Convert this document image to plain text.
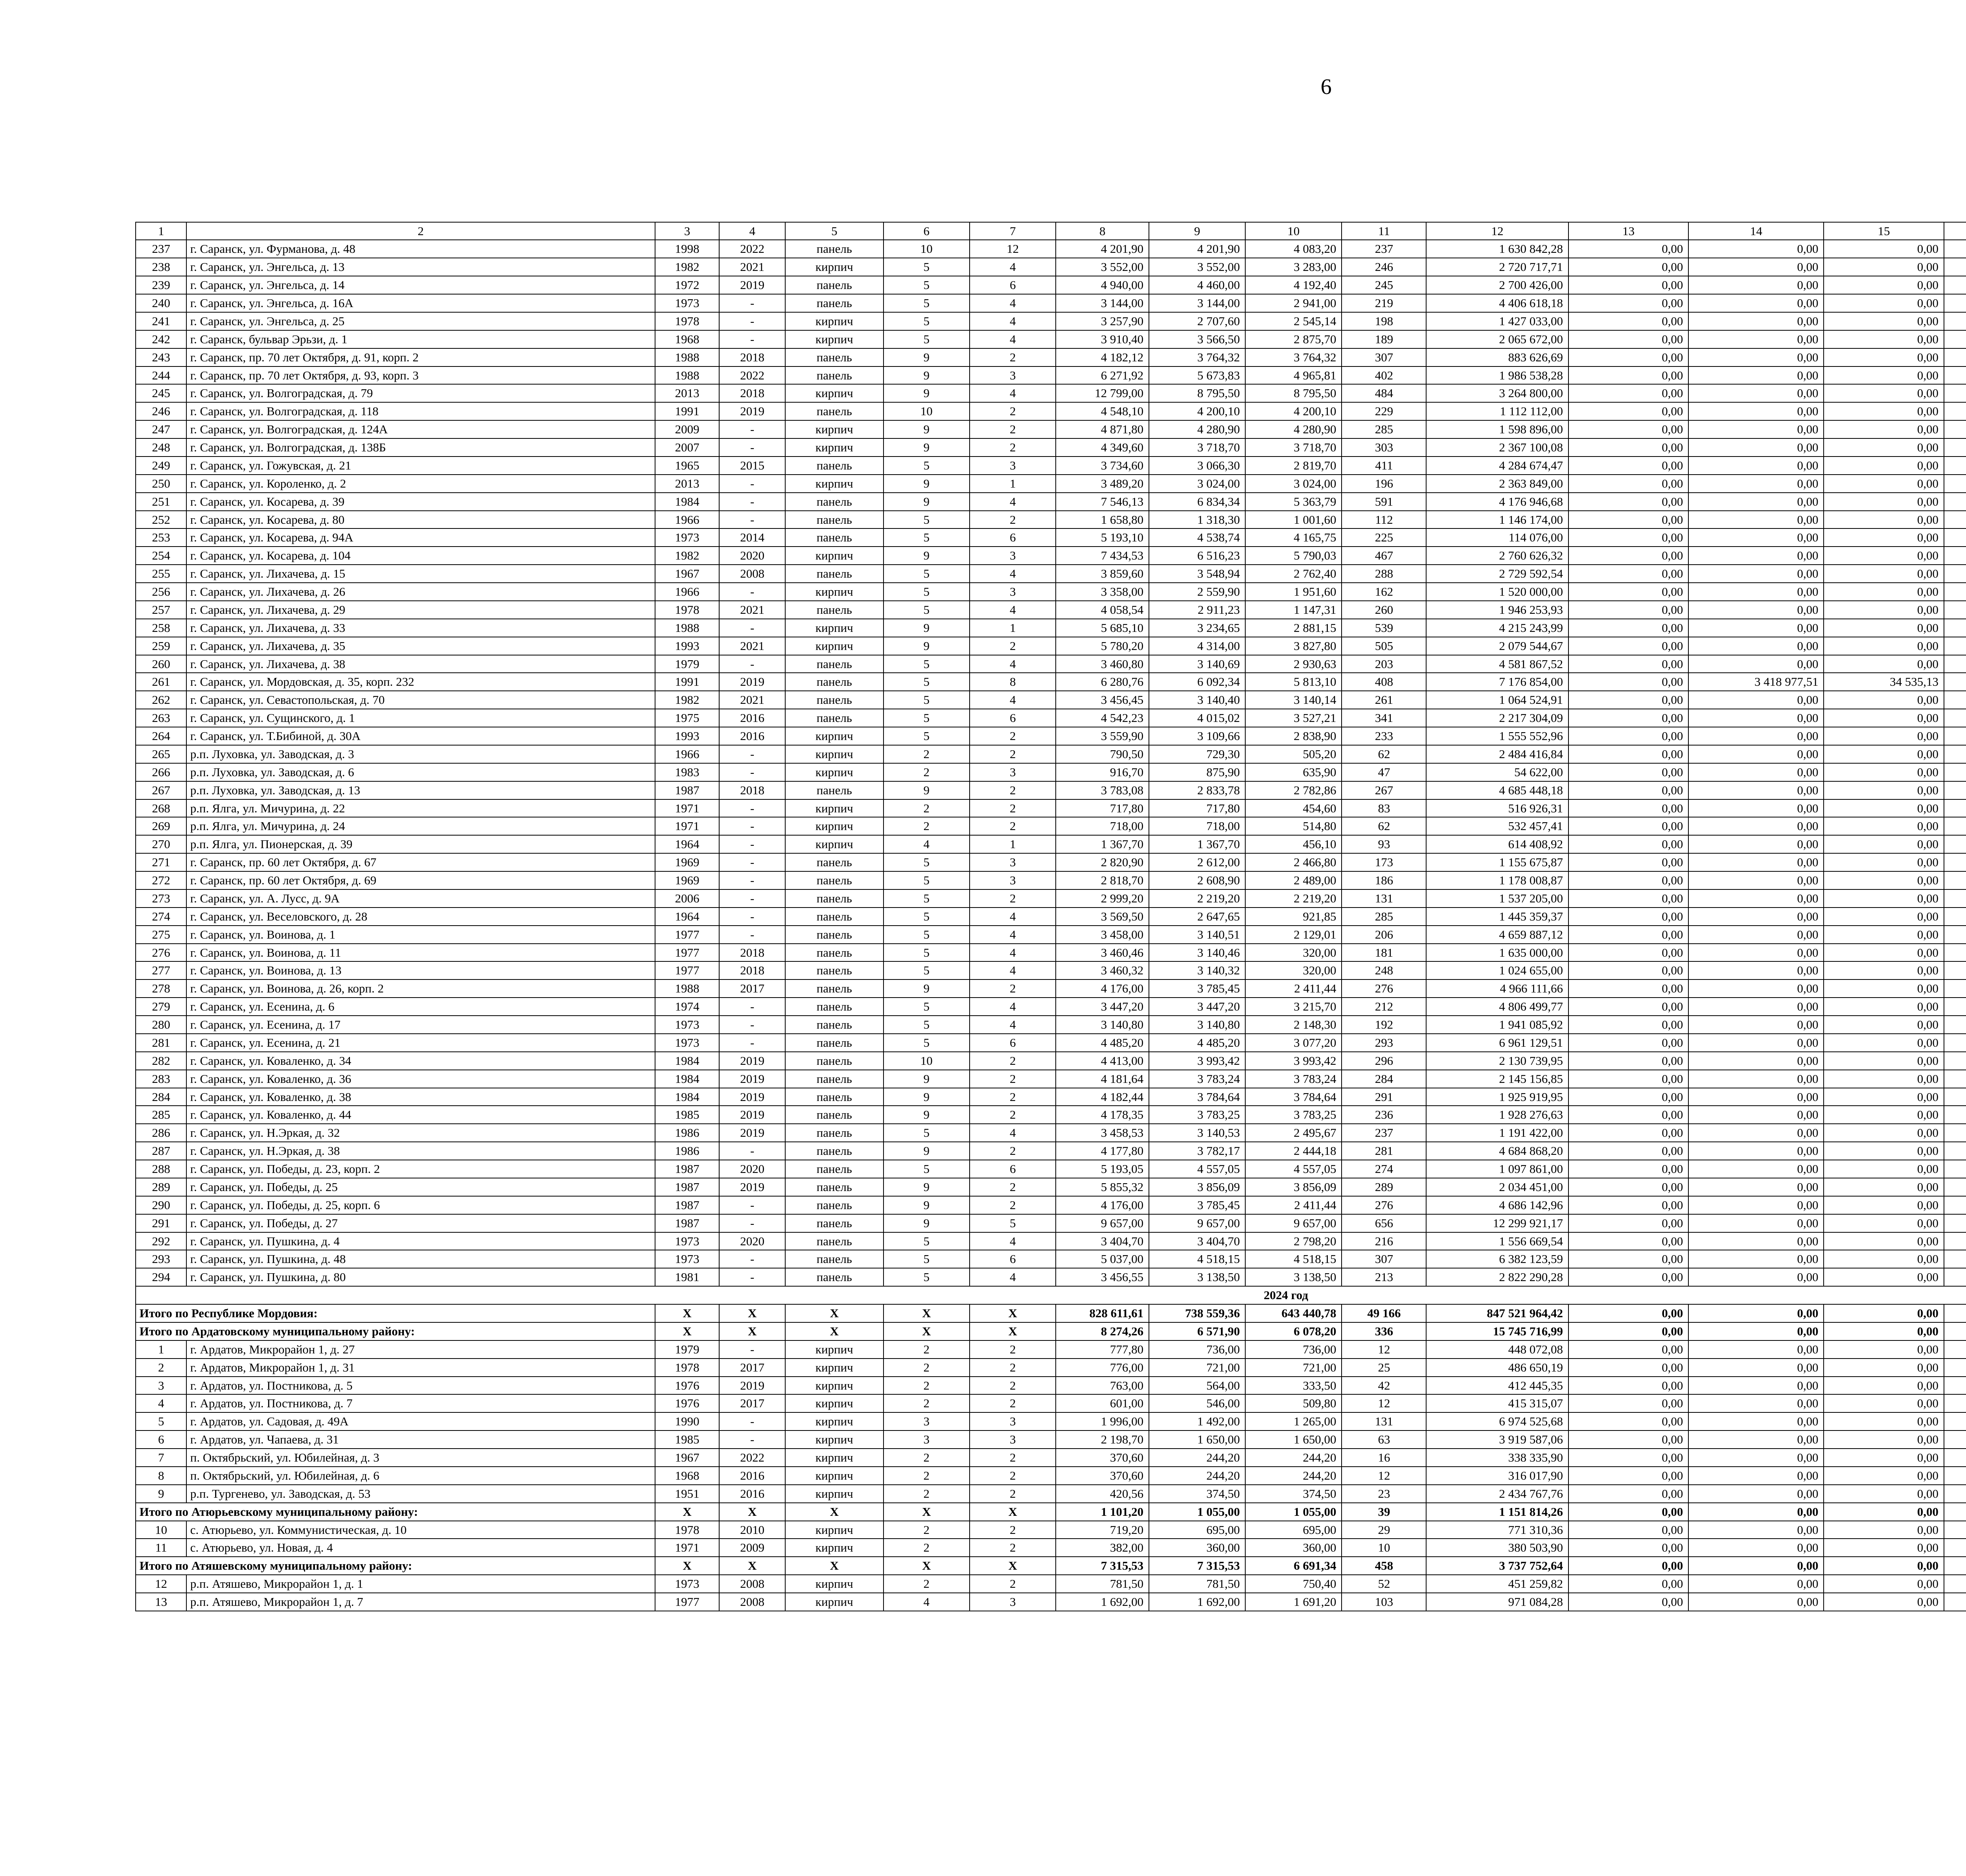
6
1	2	3	4	5	6	7	8	9	10	11	12	13	14	15				
237	г. Саранск, ул. Фурманова, д. 48	1998	2022	панель	10	12	4 201,90	4 201,90	4 083,20	237	1 630 842,28	0,00	0,00	0,00				
238	г. Саранск, ул. Энгельса, д. 13	1982	2021	кирпич	5	4	3 552,00	3 552,00	3 283,00	246	2 720 717,71	0,00	0,00	0,00				
239	г. Саранск, ул. Энгельса, д. 14	1972	2019	панель	5	6	4 940,00	4 460,00	4 192,40	245	2 700 426,00	0,00	0,00	0,00				
240	г. Саранск, ул. Энгельса, д. 16А	1973	-	панель	5	4	3 144,00	3 144,00	2 941,00	219	4 406 618,18	0,00	0,00	0,00				
241	г. Саранск, ул. Энгельса, д. 25	1978	-	кирпич	5	4	3 257,90	2 707,60	2 545,14	198	1 427 033,00	0,00	0,00	0,00				
242	г. Саранск, бульвар Эрьзи, д. 1	1968	-	кирпич	5	4	3 910,40	3 566,50	2 875,70	189	2 065 672,00	0,00	0,00	0,00				
243	г. Саранск, пр. 70 лет Октября, д. 91, корп. 2	1988	2018	панель	9	2	4 182,12	3 764,32	3 764,32	307	883 626,69	0,00	0,00	0,00				
244	г. Саранск, пр. 70 лет Октября, д. 93, корп. 3	1988	2022	панель	9	3	6 271,92	5 673,83	4 965,81	402	1 986 538,28	0,00	0,00	0,00				
245	г. Саранск, ул. Волгоградская, д. 79	2013	2018	кирпич	9	4	12 799,00	8 795,50	8 795,50	484	3 264 800,00	0,00	0,00	0,00				
246	г. Саранск, ул. Волгоградская, д. 118	1991	2019	панель	10	2	4 548,10	4 200,10	4 200,10	229	1 112 112,00	0,00	0,00	0,00				
247	г. Саранск, ул. Волгоградская, д. 124А	2009	-	кирпич	9	2	4 871,80	4 280,90	4 280,90	285	1 598 896,00	0,00	0,00	0,00				
248	г. Саранск, ул. Волгоградская, д. 138Б	2007	-	кирпич	9	2	4 349,60	3 718,70	3 718,70	303	2 367 100,08	0,00	0,00	0,00				
249	г. Саранск, ул. Гожувская, д. 21	1965	2015	панель	5	3	3 734,60	3 066,30	2 819,70	411	4 284 674,47	0,00	0,00	0,00				
250	г. Саранск, ул. Короленко, д. 2	2013	-	кирпич	9	1	3 489,20	3 024,00	3 024,00	196	2 363 849,00	0,00	0,00	0,00				
251	г. Саранск, ул. Косарева, д. 39	1984	-	панель	9	4	7 546,13	6 834,34	5 363,79	591	4 176 946,68	0,00	0,00	0,00				
252	г. Саранск, ул. Косарева, д. 80	1966	-	панель	5	2	1 658,80	1 318,30	1 001,60	112	1 146 174,00	0,00	0,00	0,00				
253	г. Саранск, ул. Косарева, д. 94А	1973	2014	панель	5	6	5 193,10	4 538,74	4 165,75	225	114 076,00	0,00	0,00	0,00				
254	г. Саранск, ул. Косарева, д. 104	1982	2020	кирпич	9	3	7 434,53	6 516,23	5 790,03	467	2 760 626,32	0,00	0,00	0,00				
255	г. Саранск, ул. Лихачева, д. 15	1967	2008	панель	5	4	3 859,60	3 548,94	2 762,40	288	2 729 592,54	0,00	0,00	0,00				
256	г. Саранск, ул. Лихачева, д. 26	1966	-	кирпич	5	3	3 358,00	2 559,90	1 951,60	162	1 520 000,00	0,00	0,00	0,00				
257	г. Саранск, ул. Лихачева, д. 29	1978	2021	панель	5	4	4 058,54	2 911,23	1 147,31	260	1 946 253,93	0,00	0,00	0,00				
258	г. Саранск, ул. Лихачева, д. 33	1988	-	кирпич	9	1	5 685,10	3 234,65	2 881,15	539	4 215 243,99	0,00	0,00	0,00				
259	г. Саранск, ул. Лихачева, д. 35	1993	2021	кирпич	9	2	5 780,20	4 314,00	3 827,80	505	2 079 544,67	0,00	0,00	0,00				
260	г. Саранск, ул. Лихачева, д. 38	1979	-	панель	5	4	3 460,80	3 140,69	2 930,63	203	4 581 867,52	0,00	0,00	0,00				
261	г. Саранск, ул. Мордовская, д. 35, корп. 232	1991	2019	панель	5	8	6 280,76	6 092,34	5 813,10	408	7 176 854,00	0,00	3 418 977,51	34 535,13				
262	г. Саранск, ул. Севастопольская, д. 70	1982	2021	панель	5	4	3 456,45	3 140,40	3 140,14	261	1 064 524,91	0,00	0,00	0,00				
263	г. Саранск, ул. Сущинского, д. 1	1975	2016	панель	5	6	4 542,23	4 015,02	3 527,21	341	2 217 304,09	0,00	0,00	0,00				
264	г. Саранск, ул. Т.Бибиной, д. 30А	1993	2016	кирпич	5	2	3 559,90	3 109,66	2 838,90	233	1 555 552,96	0,00	0,00	0,00				
265	р.п. Луховка, ул. Заводская, д. 3	1966	-	кирпич	2	2	790,50	729,30	505,20	62	2 484 416,84	0,00	0,00	0,00				
266	р.п. Луховка, ул. Заводская, д. 6	1983	-	кирпич	2	3	916,70	875,90	635,90	47	54 622,00	0,00	0,00	0,00				
267	р.п. Луховка, ул. Заводская, д. 13	1987	2018	панель	9	2	3 783,08	2 833,78	2 782,86	267	4 685 448,18	0,00	0,00	0,00				
268	р.п. Ялга, ул. Мичурина, д. 22	1971	-	кирпич	2	2	717,80	717,80	454,60	83	516 926,31	0,00	0,00	0,00				
269	р.п. Ялга, ул. Мичурина, д. 24	1971	-	кирпич	2	2	718,00	718,00	514,80	62	532 457,41	0,00	0,00	0,00				
270	р.п. Ялга, ул. Пионерская, д. 39	1964	-	кирпич	4	1	1 367,70	1 367,70	456,10	93	614 408,92	0,00	0,00	0,00				
271	г. Саранск, пр. 60 лет Октября, д. 67	1969	-	панель	5	3	2 820,90	2 612,00	2 466,80	173	1 155 675,87	0,00	0,00	0,00				
272	г. Саранск, пр. 60 лет Октября, д. 69	1969	-	панель	5	3	2 818,70	2 608,90	2 489,00	186	1 178 008,87	0,00	0,00	0,00				
273	г. Саранск, ул. А. Лусс, д. 9А	2006	-	панель	5	2	2 999,20	2 219,20	2 219,20	131	1 537 205,00	0,00	0,00	0,00				
274	г. Саранск, ул. Веселовского, д. 28	1964	-	панель	5	4	3 569,50	2 647,65	921,85	285	1 445 359,37	0,00	0,00	0,00				
275	г. Саранск, ул. Воинова, д. 1	1977	-	панель	5	4	3 458,00	3 140,51	2 129,01	206	4 659 887,12	0,00	0,00	0,00				
276	г. Саранск, ул. Воинова, д. 11	1977	2018	панель	5	4	3 460,46	3 140,46	320,00	181	1 635 000,00	0,00	0,00	0,00				
277	г. Саранск, ул. Воинова, д. 13	1977	2018	панель	5	4	3 460,32	3 140,32	320,00	248	1 024 655,00	0,00	0,00	0,00				
278	г. Саранск, ул. Воинова, д. 26, корп. 2	1988	2017	панель	9	2	4 176,00	3 785,45	2 411,44	276	4 966 111,66	0,00	0,00	0,00				
279	г. Саранск, ул. Есенина, д. 6	1974	-	панель	5	4	3 447,20	3 447,20	3 215,70	212	4 806 499,77	0,00	0,00	0,00				
280	г. Саранск, ул. Есенина, д. 17	1973	-	панель	5	4	3 140,80	3 140,80	2 148,30	192	1 941 085,92	0,00	0,00	0,00				
281	г. Саранск, ул. Есенина, д. 21	1973	-	панель	5	6	4 485,20	4 485,20	3 077,20	293	6 961 129,51	0,00	0,00	0,00				
282	г. Саранск, ул. Коваленко, д. 34	1984	2019	панель	10	2	4 413,00	3 993,42	3 993,42	296	2 130 739,95	0,00	0,00	0,00				
283	г. Саранск, ул. Коваленко, д. 36	1984	2019	панель	9	2	4 181,64	3 783,24	3 783,24	284	2 145 156,85	0,00	0,00	0,00				
284	г. Саранск, ул. Коваленко, д. 38	1984	2019	панель	9	2	4 182,44	3 784,64	3 784,64	291	1 925 919,95	0,00	0,00	0,00				
285	г. Саранск, ул. Коваленко, д. 44	1985	2019	панель	9	2	4 178,35	3 783,25	3 783,25	236	1 928 276,63	0,00	0,00	0,00				
286	г. Саранск, ул. Н.Эркая, д. 32	1986	2019	панель	5	4	3 458,53	3 140,53	2 495,67	237	1 191 422,00	0,00	0,00	0,00				
287	г. Саранск, ул. Н.Эркая, д. 38	1986	-	панель	9	2	4 177,80	3 782,17	2 444,18	281	4 684 868,20	0,00	0,00	0,00				
288	г. Саранск, ул. Победы, д. 23, корп. 2	1987	2020	панель	5	6	5 193,05	4 557,05	4 557,05	274	1 097 861,00	0,00	0,00	0,00				
289	г. Саранск, ул. Победы, д. 25	1987	2019	панель	9	2	5 855,32	3 856,09	3 856,09	289	2 034 451,00	0,00	0,00	0,00				
290	г. Саранск, ул. Победы, д. 25, корп. 6	1987	-	панель	9	2	4 176,00	3 785,45	2 411,44	276	4 686 142,96	0,00	0,00	0,00				
291	г. Саранск, ул. Победы, д. 27	1987	-	панель	9	5	9 657,00	9 657,00	9 657,00	656	12 299 921,17	0,00	0,00	0,00				
292	г. Саранск, ул. Пушкина, д. 4	1973	2020	панель	5	4	3 404,70	3 404,70	2 798,20	216	1 556 669,54	0,00	0,00	0,00				
293	г. Саранск, ул. Пушкина, д. 48	1973	-	панель	5	6	5 037,00	4 518,15	4 518,15	307	6 382 123,59	0,00	0,00	0,00				
294	г. Саранск, ул. Пушкина, д. 80	1981	-	панель	5	4	3 456,55	3 138,50	3 138,50	213	2 822 290,28	0,00	0,00	0,00				
2024 год																		
Итого по Республике Мордовия:		X	X	X	X	X	828 611,61	738 559,36	643 440,78	49 166	847 521 964,42	0,00	0,00	0,00				
Итого по Ардатовскому муниципальному району:		X	X	X	X	X	8 274,26	6 571,90	6 078,20	336	15 745 716,99	0,00	0,00	0,00				
1	г. Ардатов, Микрорайон 1, д. 27	1979	-	кирпич	2	2	777,80	736,00	736,00	12	448 072,08	0,00	0,00	0,00				
2	г. Ардатов, Микрорайон 1, д. 31	1978	2017	кирпич	2	2	776,00	721,00	721,00	25	486 650,19	0,00	0,00	0,00				
3	г. Ардатов, ул. Постникова, д. 5	1976	2019	кирпич	2	2	763,00	564,00	333,50	42	412 445,35	0,00	0,00	0,00				
4	г. Ардатов, ул. Постникова, д. 7	1976	2017	кирпич	2	2	601,00	546,00	509,80	12	415 315,07	0,00	0,00	0,00				
5	г. Ардатов, ул. Садовая, д. 49А	1990	-	кирпич	3	3	1 996,00	1 492,00	1 265,00	131	6 974 525,68	0,00	0,00	0,00				
6	г. Ардатов, ул. Чапаева, д. 31	1985	-	кирпич	3	3	2 198,70	1 650,00	1 650,00	63	3 919 587,06	0,00	0,00	0,00				
7	п. Октябрьский, ул. Юбилейная, д. 3	1967	2022	кирпич	2	2	370,60	244,20	244,20	16	338 335,90	0,00	0,00	0,00				
8	п. Октябрьский, ул. Юбилейная, д. 6	1968	2016	кирпич	2	2	370,60	244,20	244,20	12	316 017,90	0,00	0,00	0,00				
9	р.п. Тургенево, ул. Заводская, д. 53	1951	2016	кирпич	2	2	420,56	374,50	374,50	23	2 434 767,76	0,00	0,00	0,00				
Итого по Атюрьевскому муниципальному району:		X	X	X	X	X	1 101,20	1 055,00	1 055,00	39	1 151 814,26	0,00	0,00	0,00				
10	с. Атюрьево, ул. Коммунистическая, д. 10	1978	2010	кирпич	2	2	719,20	695,00	695,00	29	771 310,36	0,00	0,00	0,00				
11	с. Атюрьево, ул. Новая, д. 4	1971	2009	кирпич	2	2	382,00	360,00	360,00	10	380 503,90	0,00	0,00	0,00				
Итого по Атяшевскому муниципальному району:		X	X	X	X	X	7 315,53	7 315,53	6 691,34	458	3 737 752,64	0,00	0,00	0,00				
12	р.п. Атяшево, Микрорайон 1, д. 1	1973	2008	кирпич	2	2	781,50	781,50	750,40	52	451 259,82	0,00	0,00	0,00				
13	р.п. Атяшево, Микрорайон 1, д. 7	1977	2008	кирпич	4	3	1 692,00	1 692,00	1 691,20	103	971 084,28	0,00	0,00	0,00				
